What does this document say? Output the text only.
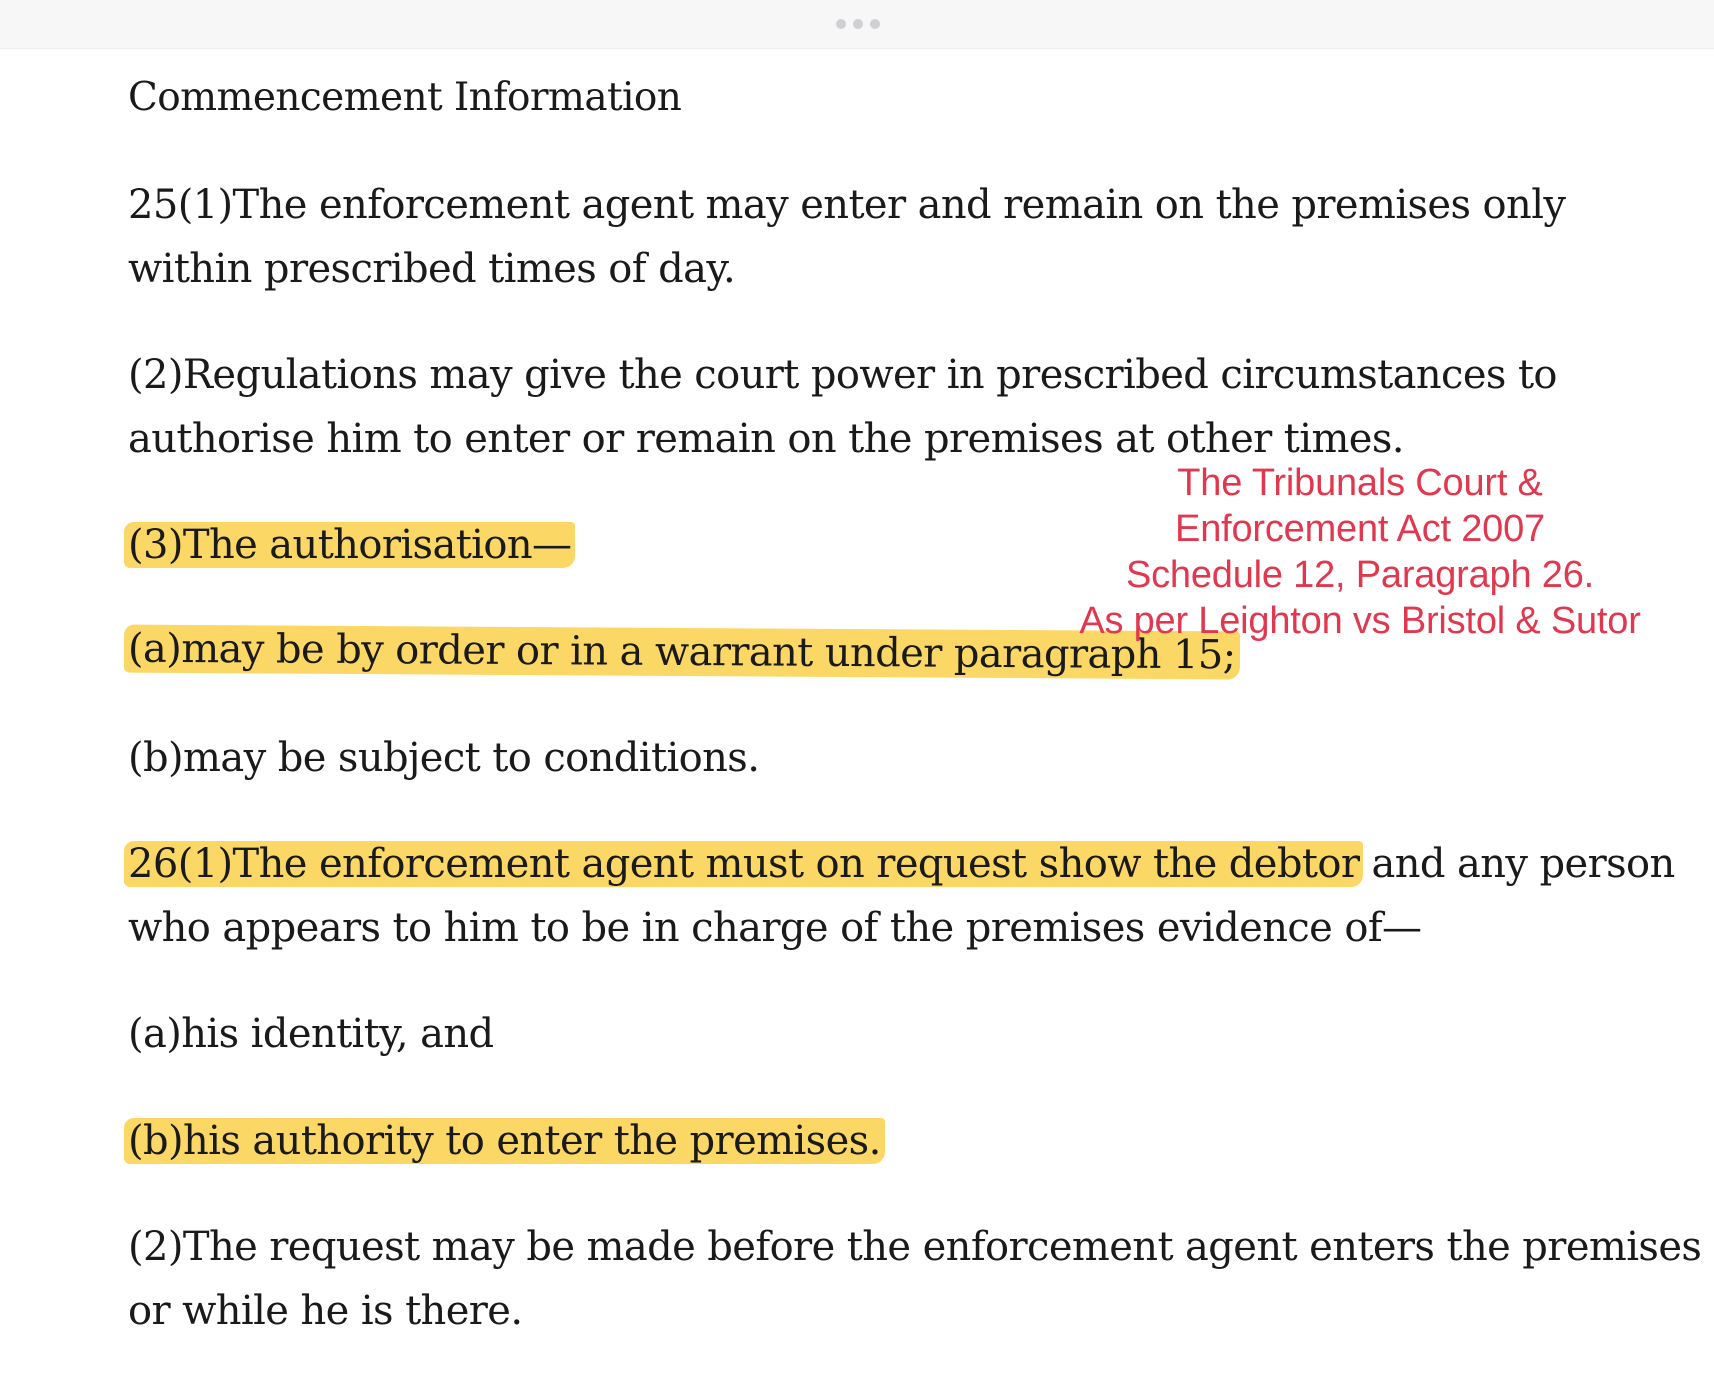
Commencement Information
25(1)The enforcement agent may enter and remain on the premises only
within prescribed times of day.
(2)Regulations may give the court power in prescribed circumstances to
authorise him to enter or remain on the premises at other times.
(3)The authorisation—
(a)may be by order or in a warrant under paragraph 15;
(b)may be subject to conditions.
26(1)The enforcement agent must on request show the debtor and any person
who appears to him to be in charge of the premises evidence of—
(a)his identity, and
(b)his authority to enter the premises.
(2)The request may be made before the enforcement agent enters the premises
or while he is there.
The Tribunals Court &
Enforcement Act 2007
Schedule 12, Paragraph 26.
As per Leighton vs Bristol & Sutor
